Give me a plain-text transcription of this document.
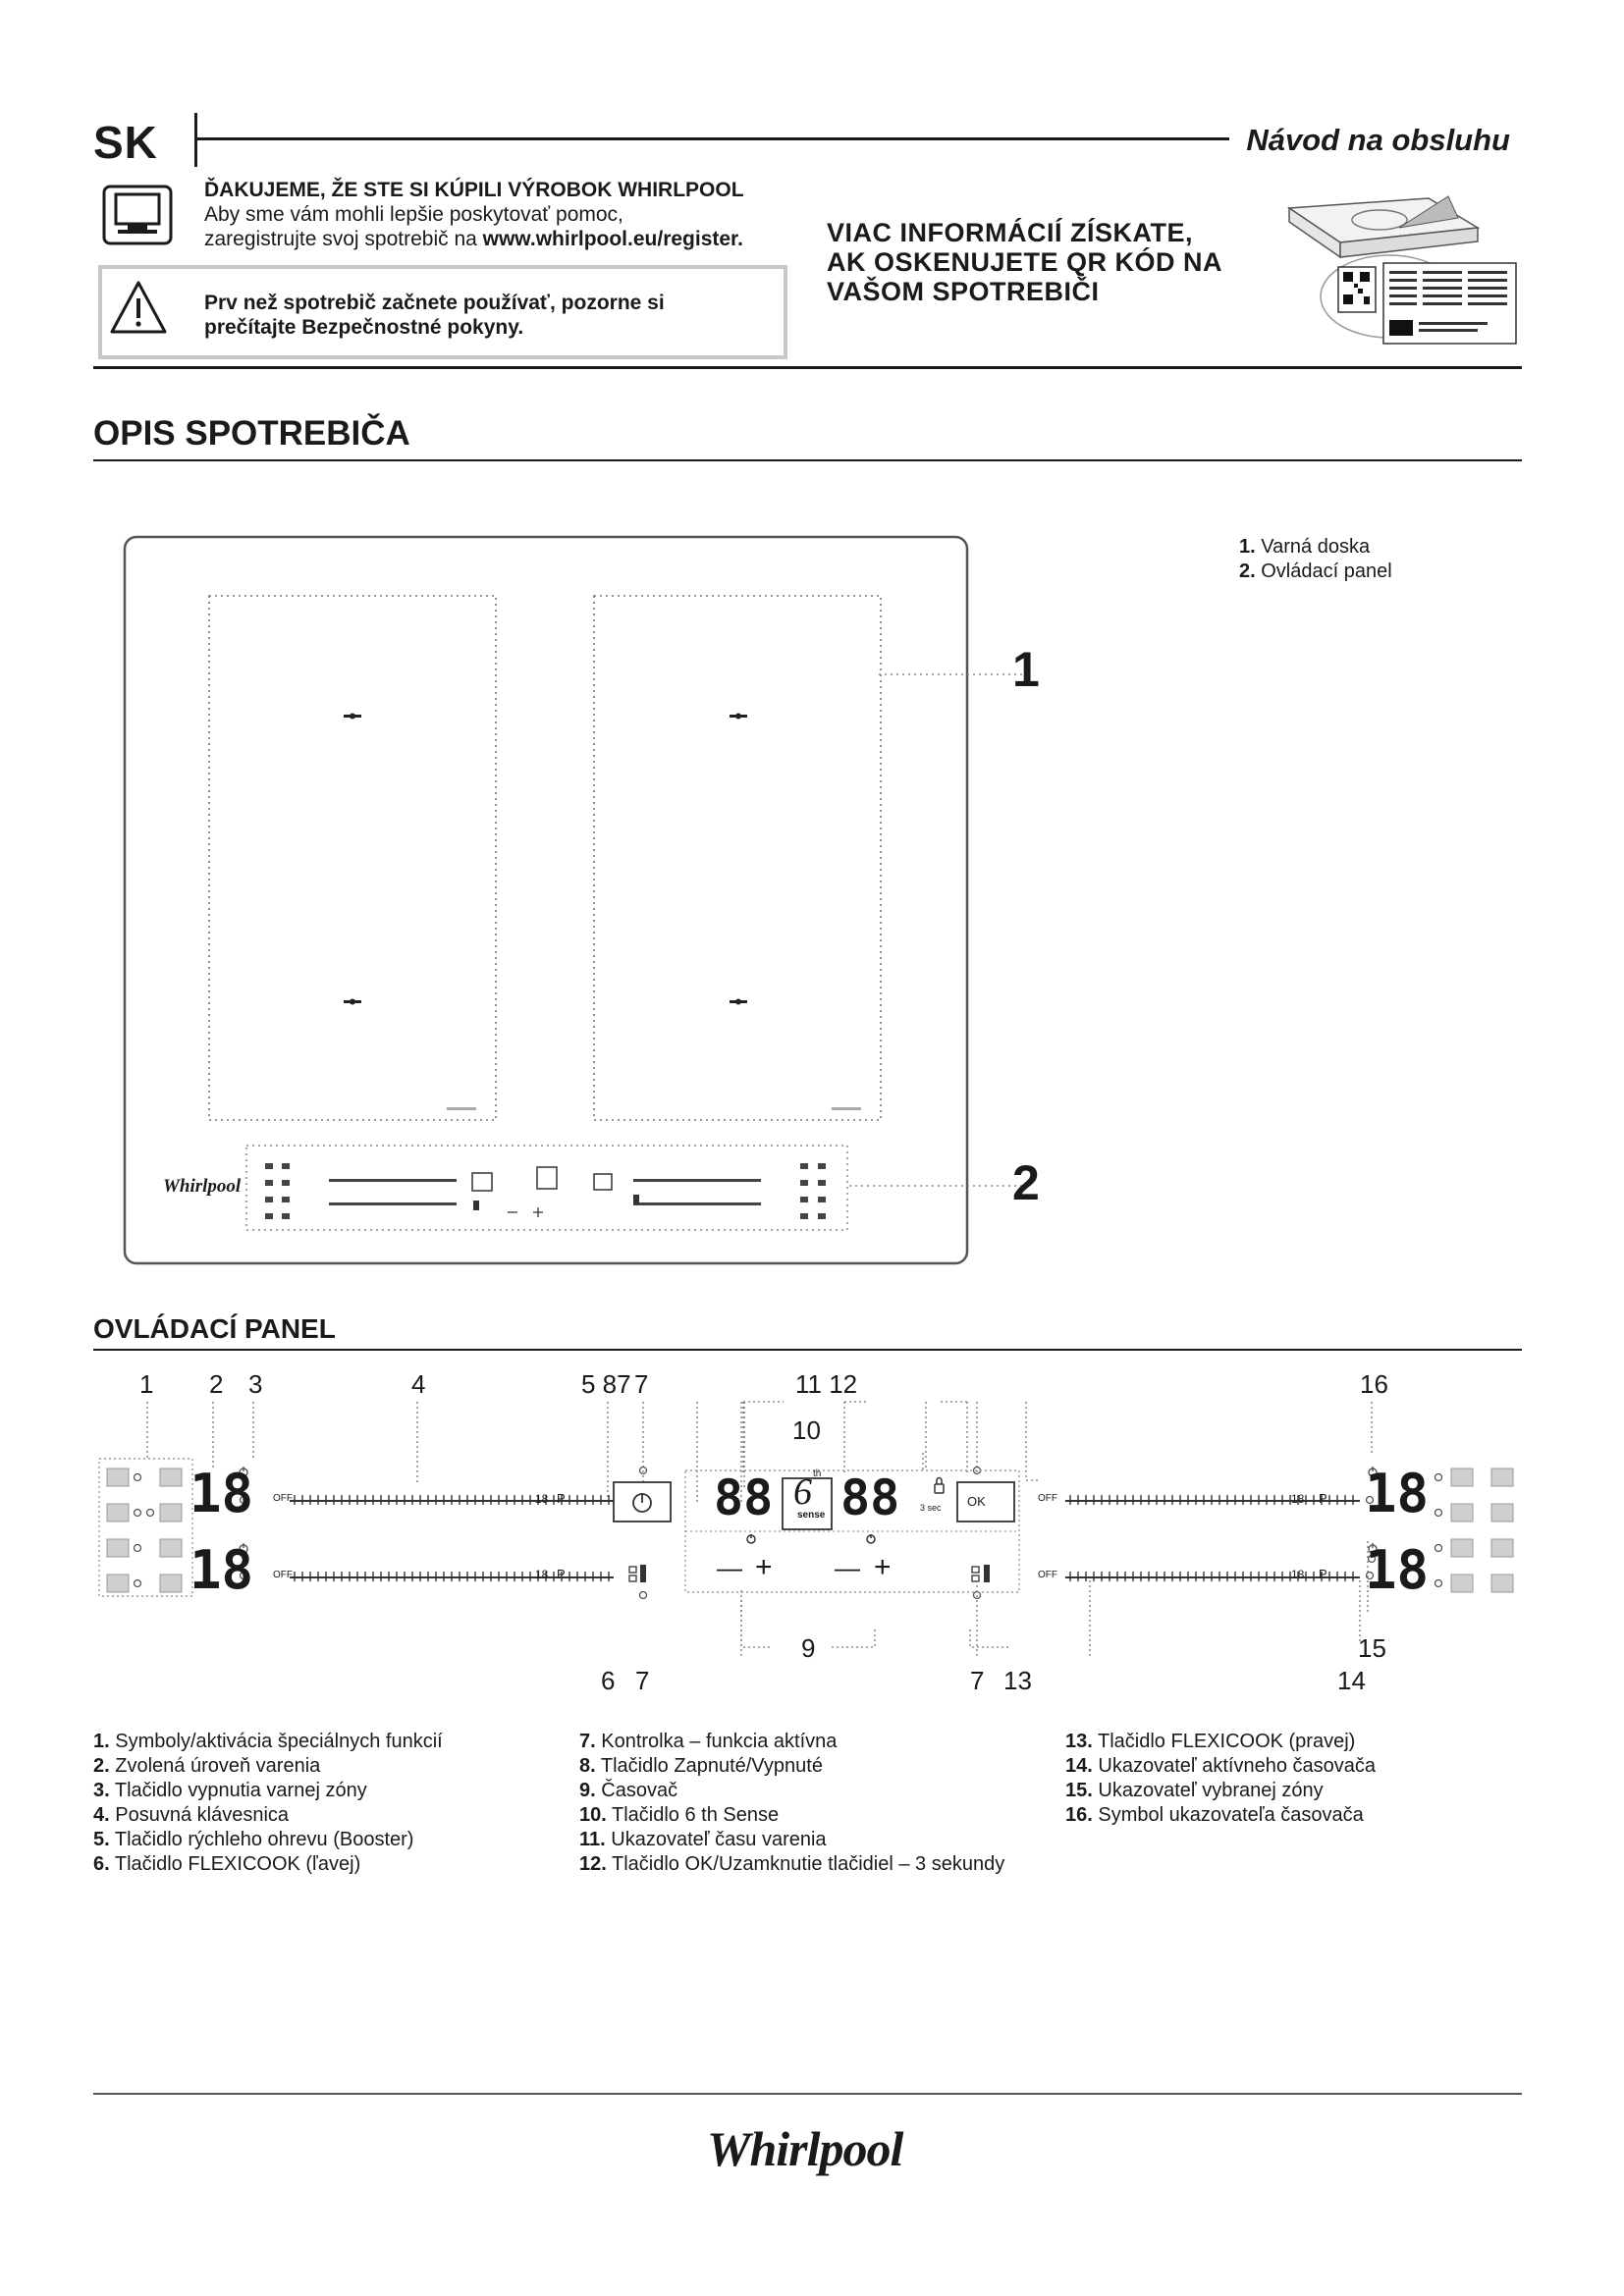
SK	Návod na obsluhu
ĎAKUJEME, ŽE STE SI KÚPILI VÝROBOK WHIRLPOOL
Aby sme vám mohli lepšie poskytovať pomoc,
zaregistrujte svoj spotrebič na www.whirlpool.eu/register.
Prv než spotrebič začnete používať, pozorne si
prečítajte Bezpečnostné pokyny.
VIAC INFORMÁCIÍ ZÍSKATE,
AK OSKENUJETE QR KÓD NA
VAŠOM SPOTREBIČI
OPIS SPOTREBIČA
1. Varná doska
2. Ovládací panel
Whirlpool
1
2
OVLÁDACÍ PANEL
1 2 3	4	5 87 7	11 12
10
16
6 7
9
7 13
15
14
18
18
18
18
88 88
6 th
sense
OK
3 sec
OFF
OFF
OFF
OFF
18
18
18
18
P
P
P
P
— + — +
1. Symboly/aktivácia špeciálnych funkcií
2. Zvolená úroveň varenia
3. Tlačidlo vypnutia varnej zóny
4. Posuvná klávesnica
5. Tlačidlo rýchleho ohrevu (Booster)
6. Tlačidlo FLEXICOOK (ľavej)
7. Kontrolka – funkcia aktívna
8. Tlačidlo Zapnuté/Vypnuté
9. Časovač
10. Tlačidlo 6 th Sense
11. Ukazovateľ času varenia
12. Tlačidlo OK/Uzamknutie tlačidiel – 3 sekundy
13. Tlačidlo FLEXICOOK (pravej)
14. Ukazovateľ aktívneho časovača
15. Ukazovateľ vybranej zóny
16. Symbol ukazovateľa časovača
Whirlpool
